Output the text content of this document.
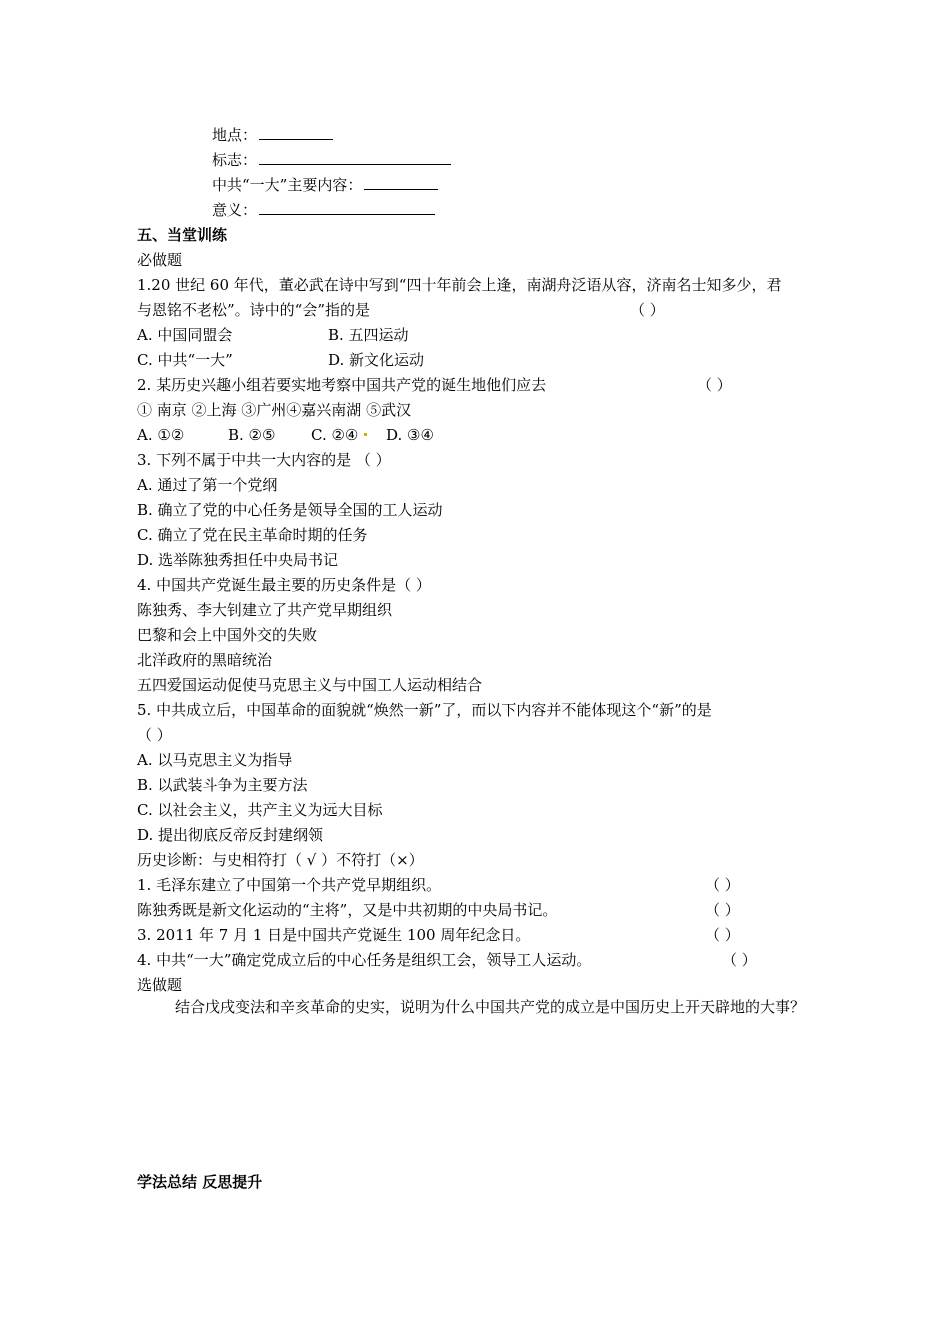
地点：
标志：
中共“一大”主要内容：
意义：
五、当堂训练
必做题
1.20 世纪 60 年代，董必武在诗中写到“四十年前会上逢，南湖舟泛语从容，济南名士知多少，君
与恩铭不老松”。诗中的“会”指的是	（ ）
A. 中国同盟会	B. 五四运动
C. 中共“一大”	D. 新文化运动
2. 某历史兴趣小组若要实地考察中国共产党的诞生地他们应去	（ ）
① 南京 ②上海 ③广州④嘉兴南湖 ⑤武汉
A. ①②	B. ②⑤ C. ②④ D. ③④
3. 下列不属于中共一大内容的是 （ ）
A. 通过了第一个党纲
B. 确立了党的中心任务是领导全国的工人运动
C. 确立了党在民主革命时期的任务
D. 选举陈独秀担任中央局书记
4. 中国共产党诞生最主要的历史条件是（ ）
陈独秀、李大钊建立了共产党早期组织
巴黎和会上中国外交的失败
北洋政府的黑暗统治
五四爱国运动促使马克思主义与中国工人运动相结合
5. 中共成立后，中国革命的面貌就“焕然一新”了，而以下内容并不能体现这个“新”的是
（ ）
A. 以马克思主义为指导
B. 以武装斗争为主要方法
C. 以社会主义，共产主义为远大目标
D. 提出彻底反帝反封建纲领
历史诊断：与史相符打（ √ ）不符打（×）
1. 毛泽东建立了中国第一个共产党早期组织。	（ ）
陈独秀既是新文化运动的“主将”，又是中共初期的中央局书记。	（ ）
3. 2011 年 7 月 1 日是中国共产党诞生 100 周年纪念日。	（ ）
4. 中共“一大”确定党成立后的中心任务是组织工会，领导工人运动。	（ ）
选做题
结合戊戌变法和辛亥革命的史实，说明为什么中国共产党的成立是中国历史上开天辟地的大事？
学法总结 反思提升
